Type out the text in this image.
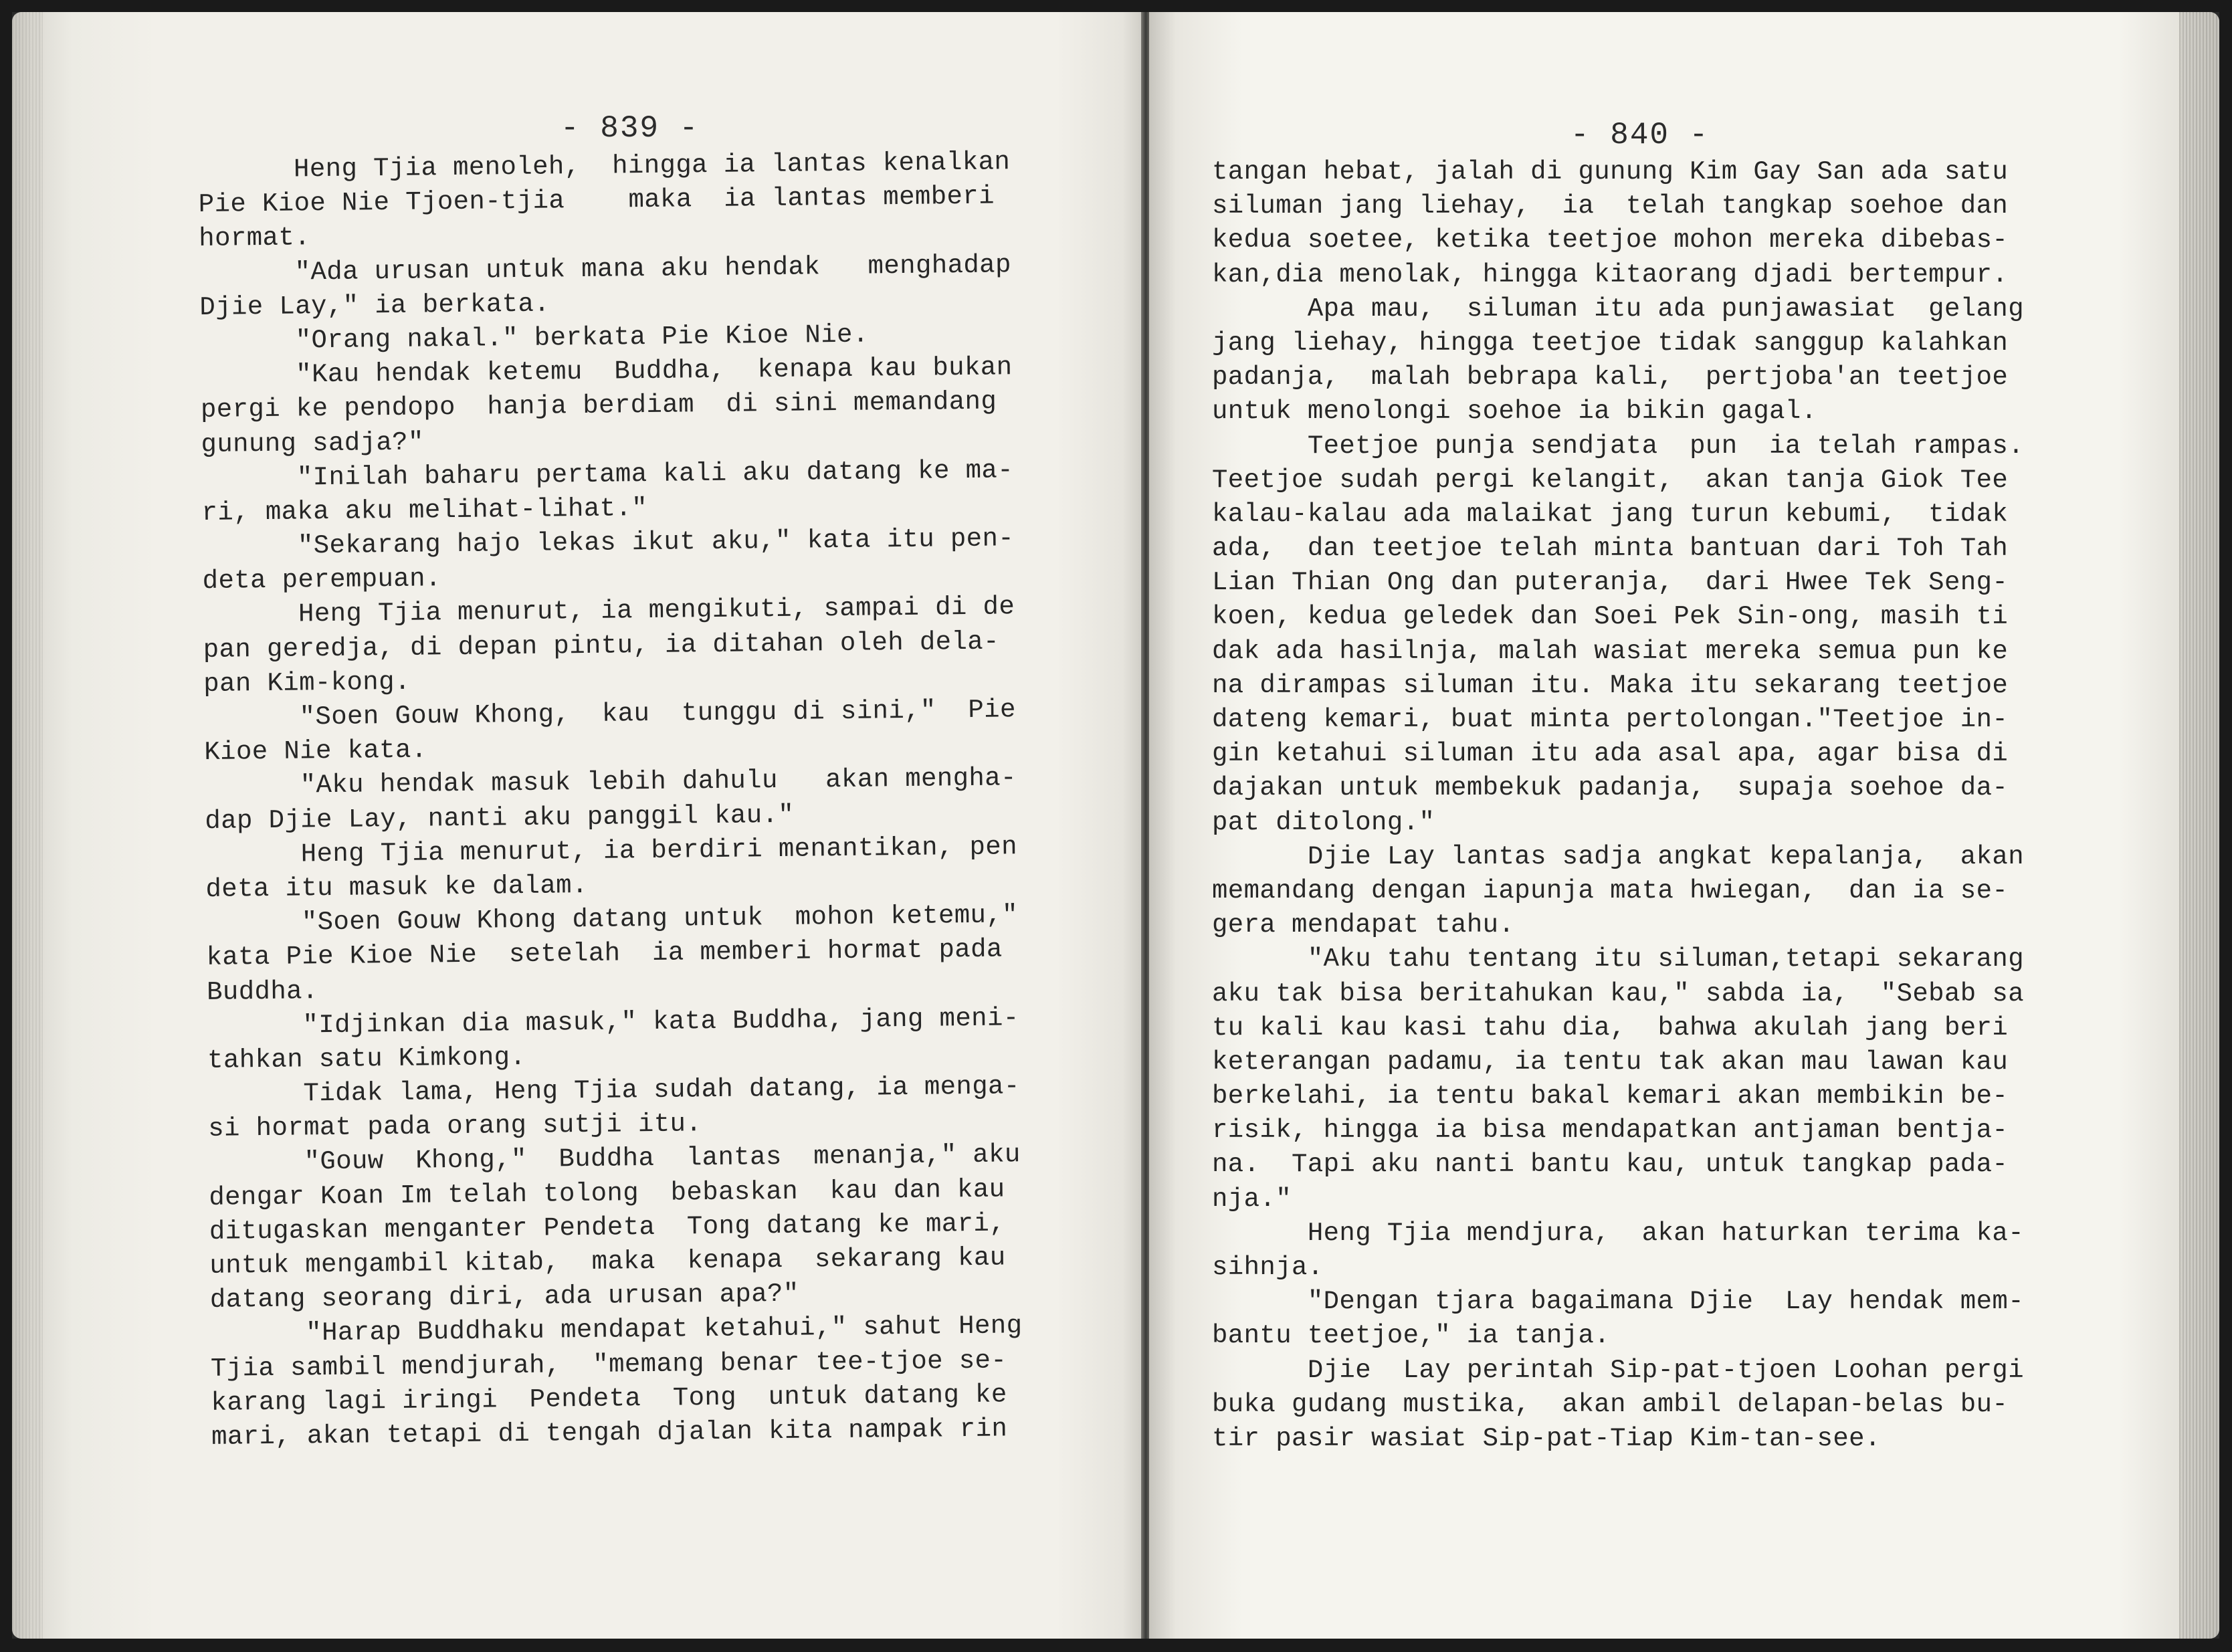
- 839 -
Heng Tjia menoleh,  hingga ia lantas kenalkan
Pie Kioe Nie Tjoen-tjia    maka  ia lantas memberi
hormat.
"Ada urusan untuk mana aku hendak   menghadap
Djie Lay," ia berkata.
"Orang nakal." berkata Pie Kioe Nie.
"Kau hendak ketemu  Buddha,  kenapa kau bukan
pergi ke pendopo  hanja berdiam  di sini memandang
gunung sadja?"
"Inilah baharu pertama kali aku datang ke ma-
ri, maka aku melihat-lihat."
"Sekarang hajo lekas ikut aku," kata itu pen-
deta perempuan.
Heng Tjia menurut, ia mengikuti, sampai di de
pan geredja, di depan pintu, ia ditahan oleh dela-
pan Kim-kong.
"Soen Gouw Khong,  kau  tunggu di sini,"  Pie
Kioe Nie kata.
"Aku hendak masuk lebih dahulu   akan mengha-
dap Djie Lay, nanti aku panggil kau."
Heng Tjia menurut, ia berdiri menantikan, pen
deta itu masuk ke dalam.
"Soen Gouw Khong datang untuk  mohon ketemu,"
kata Pie Kioe Nie  setelah  ia memberi hormat pada
Buddha.
"Idjinkan dia masuk," kata Buddha, jang meni-
tahkan satu Kimkong.
Tidak lama, Heng Tjia sudah datang, ia menga-
si hormat pada orang sutji itu.
"Gouw  Khong,"  Buddha  lantas  menanja," aku
dengar Koan Im telah tolong  bebaskan  kau dan kau
ditugaskan menganter Pendeta  Tong datang ke mari,
untuk mengambil kitab,  maka  kenapa  sekarang kau
datang seorang diri, ada urusan apa?"
"Harap Buddhaku mendapat ketahui," sahut Heng
Tjia sambil mendjurah,  "memang benar tee-tjoe se-
karang lagi iringi  Pendeta  Tong  untuk datang ke
mari, akan tetapi di tengah djalan kita nampak rin
- 840 -
tangan hebat, jalah di gunung Kim Gay San ada satu
siluman jang liehay,  ia  telah tangkap soehoe dan
kedua soetee, ketika teetjoe mohon mereka dibebas-
kan,dia menolak, hingga kitaorang djadi bertempur.
Apa mau,  siluman itu ada punjawasiat  gelang
jang liehay, hingga teetjoe tidak sanggup kalahkan
padanja,  malah bebrapa kali,  pertjoba'an teetjoe
untuk menolongi soehoe ia bikin gagal.
Teetjoe punja sendjata  pun  ia telah rampas.
Teetjoe sudah pergi kelangit,  akan tanja Giok Tee
kalau-kalau ada malaikat jang turun kebumi,  tidak
ada,  dan teetjoe telah minta bantuan dari Toh Tah
Lian Thian Ong dan puteranja,  dari Hwee Tek Seng-
koen, kedua geledek dan Soei Pek Sin-ong, masih ti
dak ada hasilnja, malah wasiat mereka semua pun ke
na dirampas siluman itu. Maka itu sekarang teetjoe
dateng kemari, buat minta pertolongan."Teetjoe in-
gin ketahui siluman itu ada asal apa, agar bisa di
dajakan untuk membekuk padanja,  supaja soehoe da-
pat ditolong."
Djie Lay lantas sadja angkat kepalanja,  akan
memandang dengan iapunja mata hwiegan,  dan ia se-
gera mendapat tahu.
"Aku tahu tentang itu siluman,tetapi sekarang
aku tak bisa beritahukan kau," sabda ia,  "Sebab sa
tu kali kau kasi tahu dia,  bahwa akulah jang beri
keterangan padamu, ia tentu tak akan mau lawan kau
berkelahi, ia tentu bakal kemari akan membikin be-
risik, hingga ia bisa mendapatkan antjaman bentja-
na.  Tapi aku nanti bantu kau, untuk tangkap pada-
nja."
Heng Tjia mendjura,  akan haturkan terima ka-
sihnja.
"Dengan tjara bagaimana Djie  Lay hendak mem-
bantu teetjoe," ia tanja.
Djie  Lay perintah Sip-pat-tjoen Loohan pergi
buka gudang mustika,  akan ambil delapan-belas bu-
tir pasir wasiat Sip-pat-Tiap Kim-tan-see.
